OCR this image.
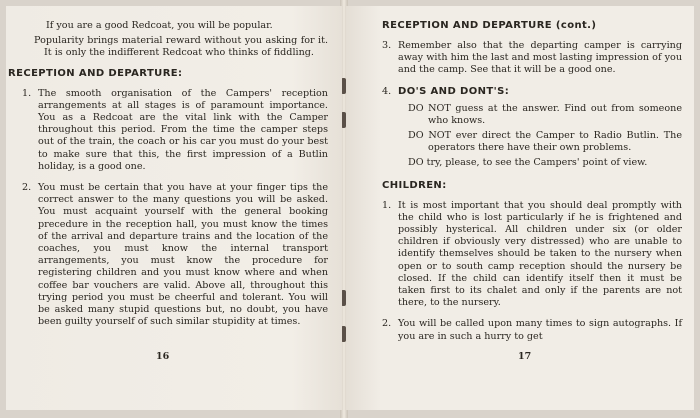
If you are a good Redcoat, you will be popular.

Popularity brings material reward without you asking for it. It is only the indifferent Redcoat who thinks of fiddling.

RECEPTION AND DEPARTURE:
1. The smooth organisation of the Campers' reception arrangements at all stages is of paramount importance. You as a Redcoat are the vital link with the Camper throughout this period. From the time the camper steps out of the train, the coach or his car you must do your best to make sure that this, the first impression of a Butlin holiday, is a good one.

2. You must be certain that you have at your finger tips the correct answer to the many questions you will be asked. You must acquaint yourself with the general booking precedure in the reception hall, you must know the times of the arrival and departure trains and the location of the coaches, you must know the internal transport arrangements, you must know the procedure for registering children and you must know where and when coffee bar vouchers are valid. Above all, throughout this trying period you must be cheerful and tolerant. You will be asked many stupid questions but, no doubt, you have been guilty yourself of such similar stupidity at times.

16
RECEPTION AND DEPARTURE (cont.)
3. Remember also that the departing camper is carrying away with him the last and most lasting impression of you and the camp. See that it will be a good one.

4. DO'S AND DONT'S:

DO NOT guess at the answer. Find out from someone who knows.

DO NOT ever direct the Camper to Radio Butlin. The operators there have their own problems.

DO try, please, to see the Campers' point of view.

CHILDREN:
1. It is most important that you should deal promptly with the child who is lost particularly if he is frightened and possibly hysterical. All children under six (or older children if obviously very distressed) who are unable to identify themselves should be taken to the nursery when open or to south camp reception should the nursery be closed. If the child can identify itself then it must be taken first to its chalet and only if the parents are not there, to the nursery.

2. You will be called upon many times to sign autographs. If you are in such a hurry to get

17
